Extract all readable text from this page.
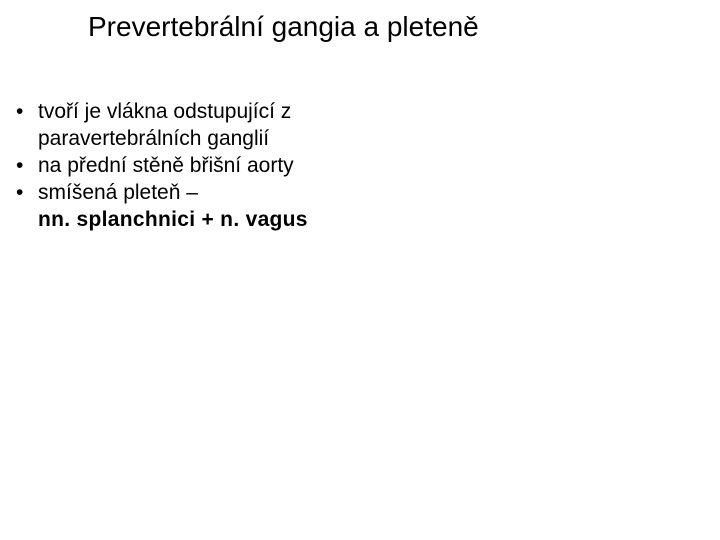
Prevertebrální gangia a pleteně
• tvoří je vlákna odstupující z
paravertebrálních ganglií
• na přední stěně břišní aorty
• smíšená pleteň –
nn. splanchnici + n. vagus
